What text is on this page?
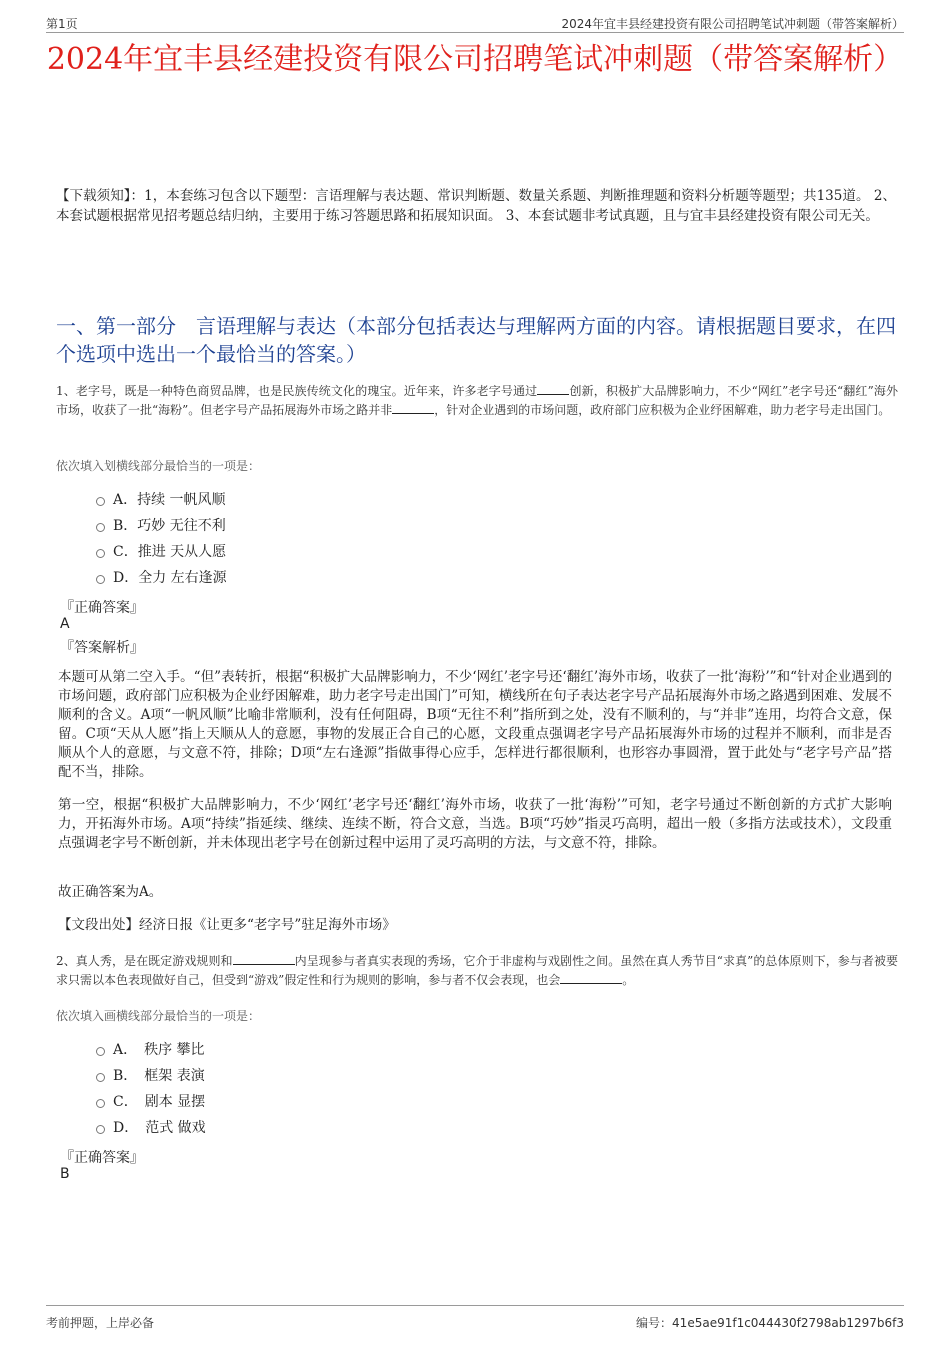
第1页	2024年宜丰县经建投资有限公司招聘笔试冲刺题（带答案解析）
2024年宜丰县经建投资有限公司招聘笔试冲刺题（带答案解析）
【下载须知】：1，本套练习包含以下题型：言语理解与表达题、常识判断题、数量关系题、判断推理题和资料分析题等题型；共135道。 2、本套试题根据常见招考题总结归纳，主要用于练习答题思路和拓展知识面。 3、本套试题非考试真题，且与宜丰县经建投资有限公司无关。
一、第一部分　言语理解与表达（本部分包括表达与理解两方面的内容。请根据题目要求，在四个选项中选出一个最恰当的答案。）
1、老字号，既是一种特色商贸品牌，也是民族传统文化的瑰宝。近年来，许多老字号通过	创新，积极扩大品牌影响力，不少“网红”老字号还“翻红”海外市场，收获了一批“海粉”。但老字号产品拓展海外市场之路并非	，针对企业遇到的市场问题，政府部门应积极为企业纾困解难，助力老字号走出国门。
依次填入划横线部分最恰当的一项是：
A．持续 一帆风顺
B．巧妙 无往不利
C．推进 天从人愿
D．全力 左右逢源
『正确答案』
A
『答案解析』
本题可从第二空入手。“但”表转折，根据“积极扩大品牌影响力，不少‘网红’老字号还‘翻红’海外市场，收获了一批‘海粉’”和“针对企业遇到的市场问题，政府部门应积极为企业纾困解难，助力老字号走出国门”可知，横线所在句子表达老字号产品拓展海外市场之路遇到困难、发展不顺利的含义。A项“一帆风顺”比喻非常顺利，没有任何阻碍，B项“无往不利”指所到之处，没有不顺利的，与“并非”连用，均符合文意，保留。C项“天从人愿”指上天顺从人的意愿，事物的发展正合自己的心愿，文段重点强调老字号产品拓展海外市场的过程并不顺利，而非是否顺从个人的意愿，与文意不符，排除；D项“左右逢源”指做事得心应手，怎样进行都很顺利，也形容办事圆滑，置于此处与“老字号产品”搭配不当，排除。
第一空，根据“积极扩大品牌影响力，不少‘网红’老字号还‘翻红’海外市场，收获了一批‘海粉’”可知，老字号通过不断创新的方式扩大影响力，开拓海外市场。A项“持续”指延续、继续、连续不断，符合文意，当选。B项“巧妙”指灵巧高明，超出一般（多指方法或技术），文段重点强调老字号不断创新，并未体现出老字号在创新过程中运用了灵巧高明的方法，与文意不符，排除。
故正确答案为A。
【文段出处】经济日报《让更多“老字号”驻足海外市场》
2、真人秀，是在既定游戏规则和	内呈现参与者真实表现的秀场，它介于非虚构与戏剧性之间。虽然在真人秀节目“求真”的总体原则下，参与者被要求只需以本色表现做好自己，但受到“游戏”假定性和行为规则的影响，参与者不仅会表现，也会	。
依次填入画横线部分最恰当的一项是：
A．　秩序 攀比
B．　框架 表演
C．　剧本 显摆
D．　范式 做戏
『正确答案』
B
考前押题，上岸必备	编号：41e5ae91f1c044430f2798ab1297b6f3
